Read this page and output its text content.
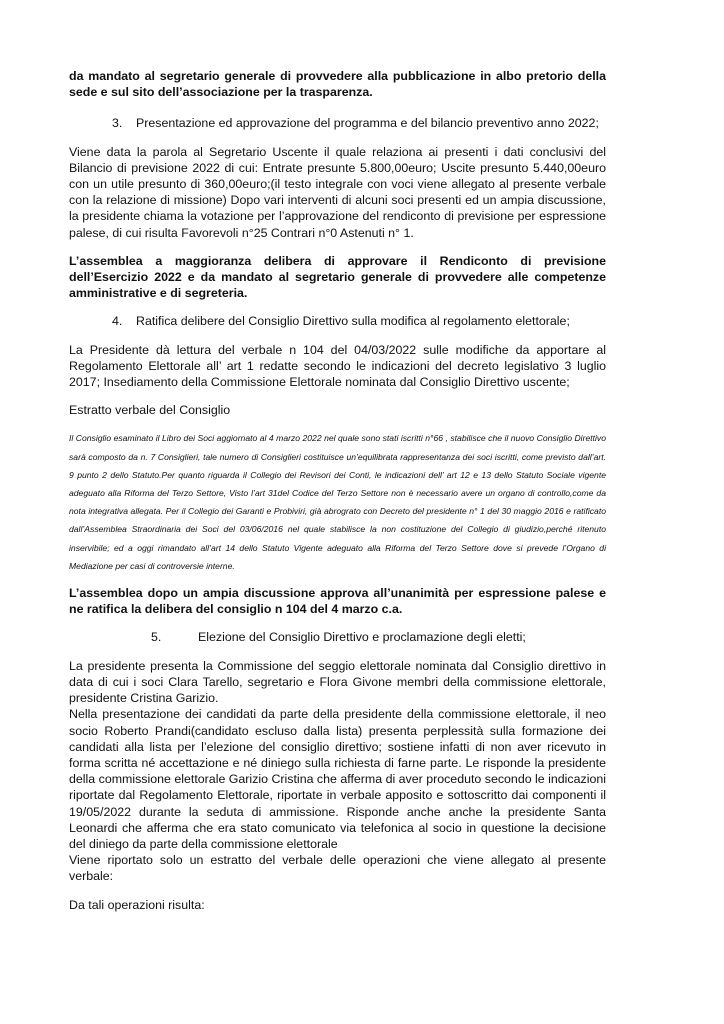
da mandato al segretario generale di provvedere alla pubblicazione in albo pretorio della sede e sul sito dell’associazione per la trasparenza.

3. Presentazione ed approvazione del programma e del bilancio preventivo anno 2022;

Viene data la parola al Segretario Uscente il quale relaziona ai presenti i dati conclusivi del Bilancio di previsione 2022 di cui: Entrate presunte 5.800,00euro; Uscite presunto 5.440,00euro con un utile presunto di 360,00euro;(il testo integrale con voci viene allegato al presente verbale con la relazione di missione) Dopo vari interventi di alcuni soci presenti ed un ampia discussione, la presidente chiama la votazione per l’approvazione del rendiconto di previsione per espressione palese, di cui risulta Favorevoli n°25 Contrari n°0 Astenuti n° 1.

L’assemblea a maggioranza delibera di approvare il Rendiconto di previsione dell’Esercizio 2022 e da mandato al segretario generale di provvedere alle competenze amministrative e di segreteria.

4. Ratifica delibere del Consiglio Direttivo sulla modifica al regolamento elettorale;

La Presidente dà lettura del verbale n 104 del 04/03/2022 sulle modifiche da apportare al Regolamento Elettorale all’ art 1 redatte secondo le indicazioni del decreto legislativo 3 luglio 2017; Insediamento della Commissione Elettorale nominata dal Consiglio Direttivo uscente;

Estratto verbale del Consiglio

Il Consiglio esaminato il Libro dei Soci aggiornato al 4 marzo 2022 nel quale sono stati iscritti n°66 , stabilisce che il nuovo Consiglio Direttivo sarà composto da n. 7 Consiglieri, tale numero di Consiglieri costituisce un’equilibrata rappresentanza dei soci iscritti, come previsto dall’art. 9 punto 2 dello Statuto.Per quanto riguarda il Collegio dei Revisori dei Conti, le indicazioni dell’ art 12 e 13 dello Statuto Sociale vigente adeguato alla Riforma del Terzo Settore, Visto l’art 31del Codice del Terzo Settore non è necessario avere un organo di controllo,come da nota integrativa allegata. Per il Collegio dei Garanti e Probiviri, già abrograto con Decreto del presidente n° 1 del 30 maggio 2016 e ratificato dall’Assemblea Straordinaria dei Soci del 03/06/2016 nel quale stabilisce la non costituzione del Collegio di giudizio,perché ritenuto inservibile; ed a oggi rimandato all’art 14 dello Statuto Vigente adeguato alla Riforma del Terzo Settore dove si prevede l’Organo di Mediazione per casi di controversie interne.

L’assemblea dopo un ampia discussione approva all’unanimità per espressione palese e ne ratifica la delibera del consiglio n 104 del 4 marzo c.a.

5.	Elezione del Consiglio Direttivo e proclamazione degli eletti;

La presidente presenta la Commissione del seggio elettorale nominata dal Consiglio direttivo in data di cui i soci Clara Tarello, segretario e Flora Givone membri della commissione elettorale, presidente Cristina Garizio.

Nella presentazione dei candidati da parte della presidente della commissione elettorale, il neo socio Roberto Prandi(candidato escluso dalla lista) presenta perplessità sulla formazione dei candidati alla lista per l’elezione del consiglio direttivo; sostiene infatti di non aver ricevuto in forma scritta né accettazione e né diniego sulla richiesta di farne parte. Le risponde la presidente della commissione elettorale Garizio Cristina che afferma di aver proceduto secondo le indicazioni riportate dal Regolamento Elettorale, riportate in verbale apposito e sottoscritto dai componenti il 19/05/2022 durante la seduta di ammissione. Risponde anche anche la presidente Santa Leonardi che afferma che era stato comunicato via telefonica al socio in questione la decisione del diniego da parte della commissione elettorale

Viene riportato solo un estratto del verbale delle operazioni che viene allegato al presente verbale:

Da tali operazioni risulta:
